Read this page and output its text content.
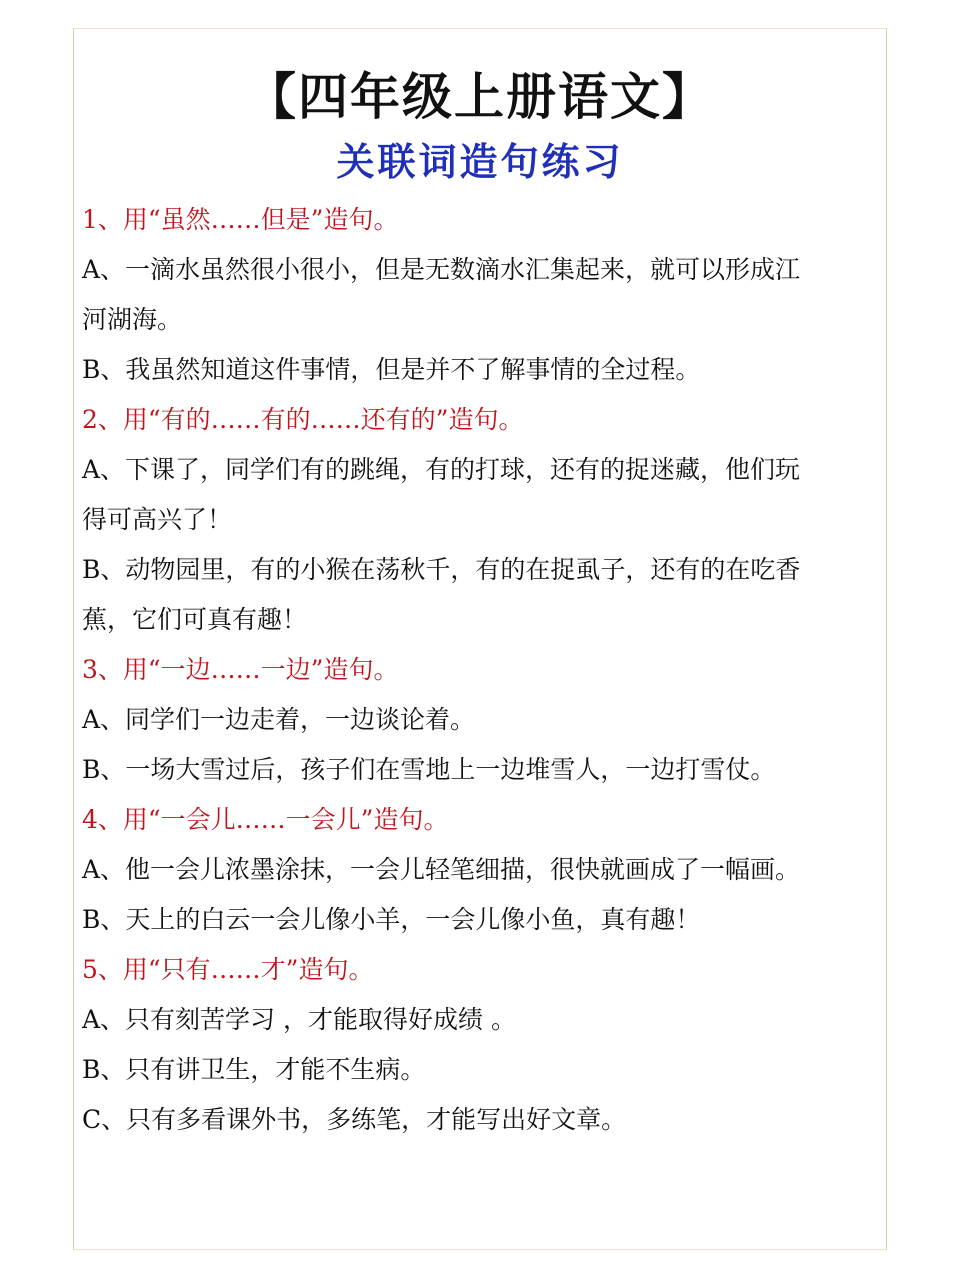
【四年级上册语文】
关联词造句练习
1、用“虽然……但是”造句。
A、一滴水虽然很小很小，但是无数滴水汇集起来，就可以形成江
河湖海。
B、我虽然知道这件事情，但是并不了解事情的全过程。
2、用“有的……有的……还有的”造句。
A、下课了，同学们有的跳绳，有的打球，还有的捉迷藏，他们玩
得可高兴了！
B、动物园里，有的小猴在荡秋千，有的在捉虱子，还有的在吃香
蕉，它们可真有趣！
3、用“一边……一边”造句。
A、同学们一边走着，一边谈论着。
B、一场大雪过后，孩子们在雪地上一边堆雪人，一边打雪仗。
4、用“一会儿……一会儿”造句。
A、他一会儿浓墨涂抹，一会儿轻笔细描，很快就画成了一幅画。
B、天上的白云一会儿像小羊，一会儿像小鱼，真有趣！
5、用“只有……才”造句。
A、只有刻苦学习 ，才能取得好成绩 。
B、只有讲卫生，才能不生病。
C、只有多看课外书，多练笔，才能写出好文章。
